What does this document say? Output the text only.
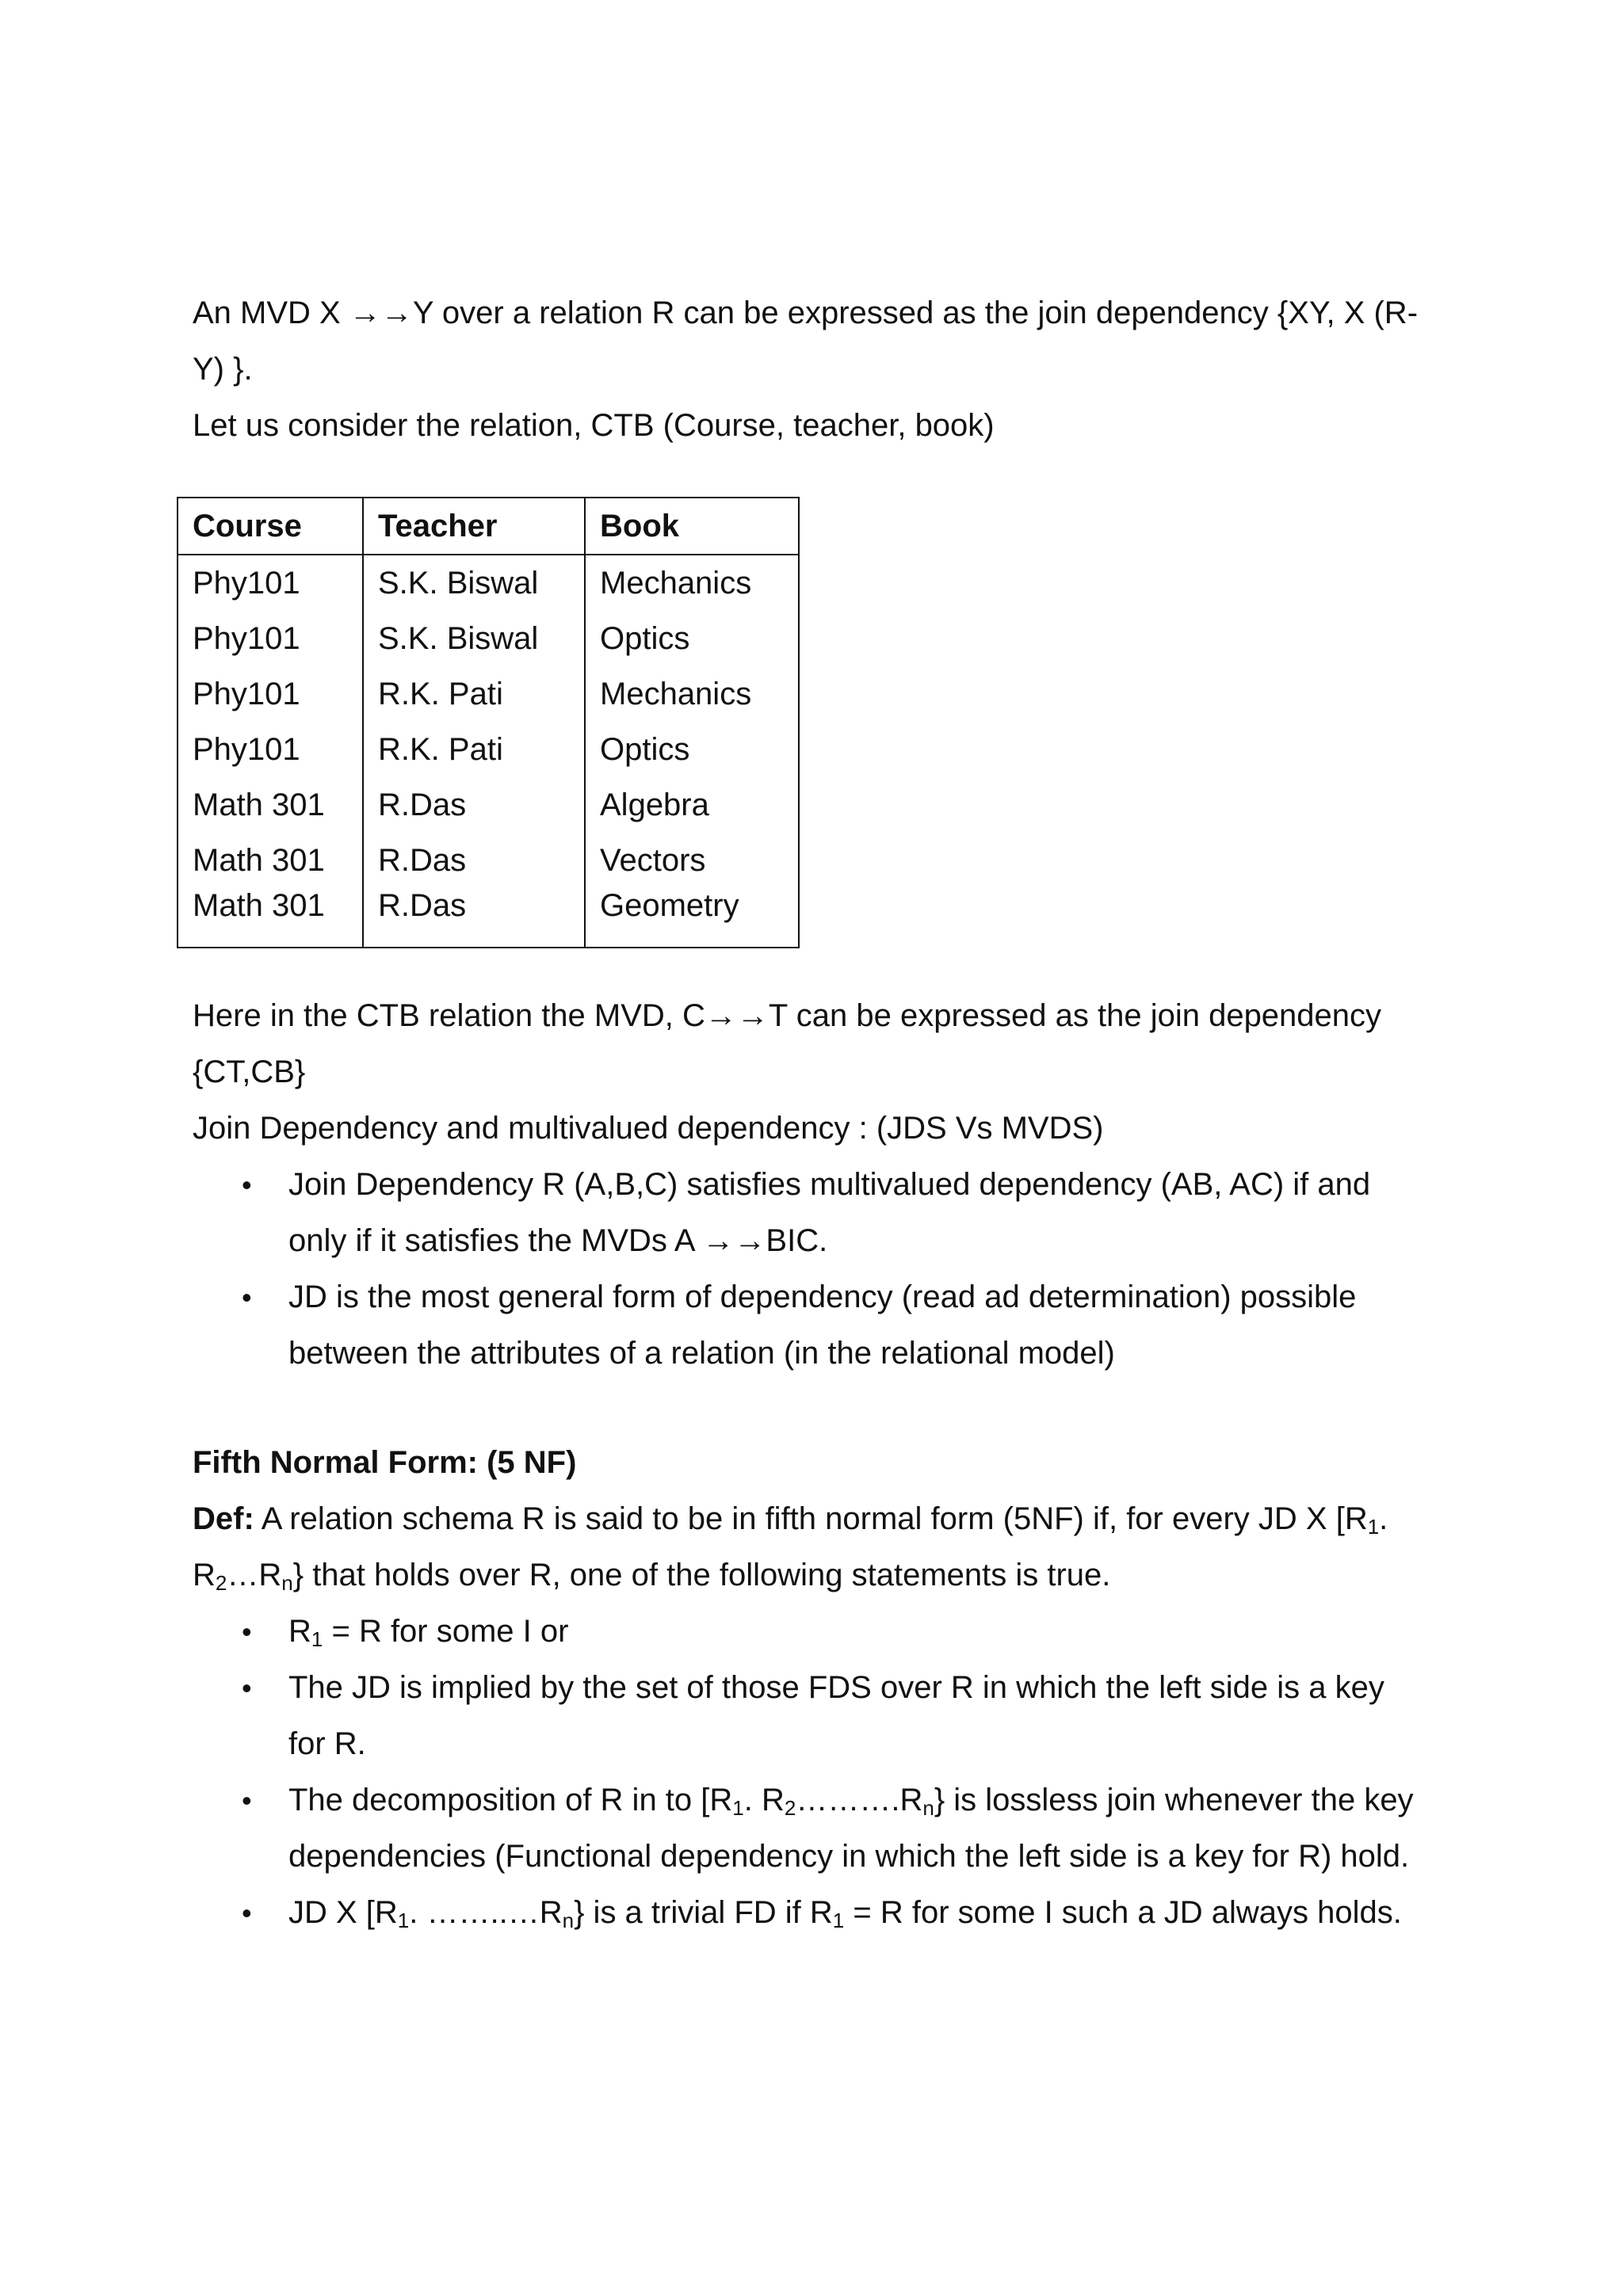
An MVD X →→Y over a relation R can be expressed as the join dependency {XY, X (R-

Y) }.

Let us consider the relation, CTB (Course, teacher, book)

Course	Teacher	Book
Phy101	S.K. Biswal	Mechanics
Phy101	S.K. Biswal	Optics
Phy101	R.K. Pati	Mechanics
Phy101	R.K. Pati	Optics
Math 301	R.Das	Algebra
Math 301	R.Das	Vectors
Math 301	R.Das	Geometry

Here in the CTB relation the MVD, C→→T can be expressed as the join dependency

{CT,CB}

Join Dependency and multivalued dependency : (JDS Vs MVDS)

• Join Dependency R (A,B,C) satisfies multivalued dependency (AB, AC) if and
only if it satisfies the MVDs A →→BIC.
• JD is the most general form of dependency (read ad determination) possible
between the attributes of a relation (in the relational model)

Fifth Normal Form: (5 NF)

Def: A relation schema R is said to be in fifth normal form (5NF) if, for every JD X [$R_1$.

$R_2\dots R_n$} that holds over R, one of the following statements is true.

• $R_1 = R$ for some I or
• The JD is implied by the set of those FDS over R in which the left side is a key
for R.
• The decomposition of R in to [$R_1$. $R_2\dots\dots\dots.R_n$} is lossless join whenever the key
dependencies (Functional dependency in which the left side is a key for R) hold.
• JD X [$R_1$. $\dots\dots..\dots R_n$} is a trivial FD if $R_1 = R$ for some I such a JD always holds.
